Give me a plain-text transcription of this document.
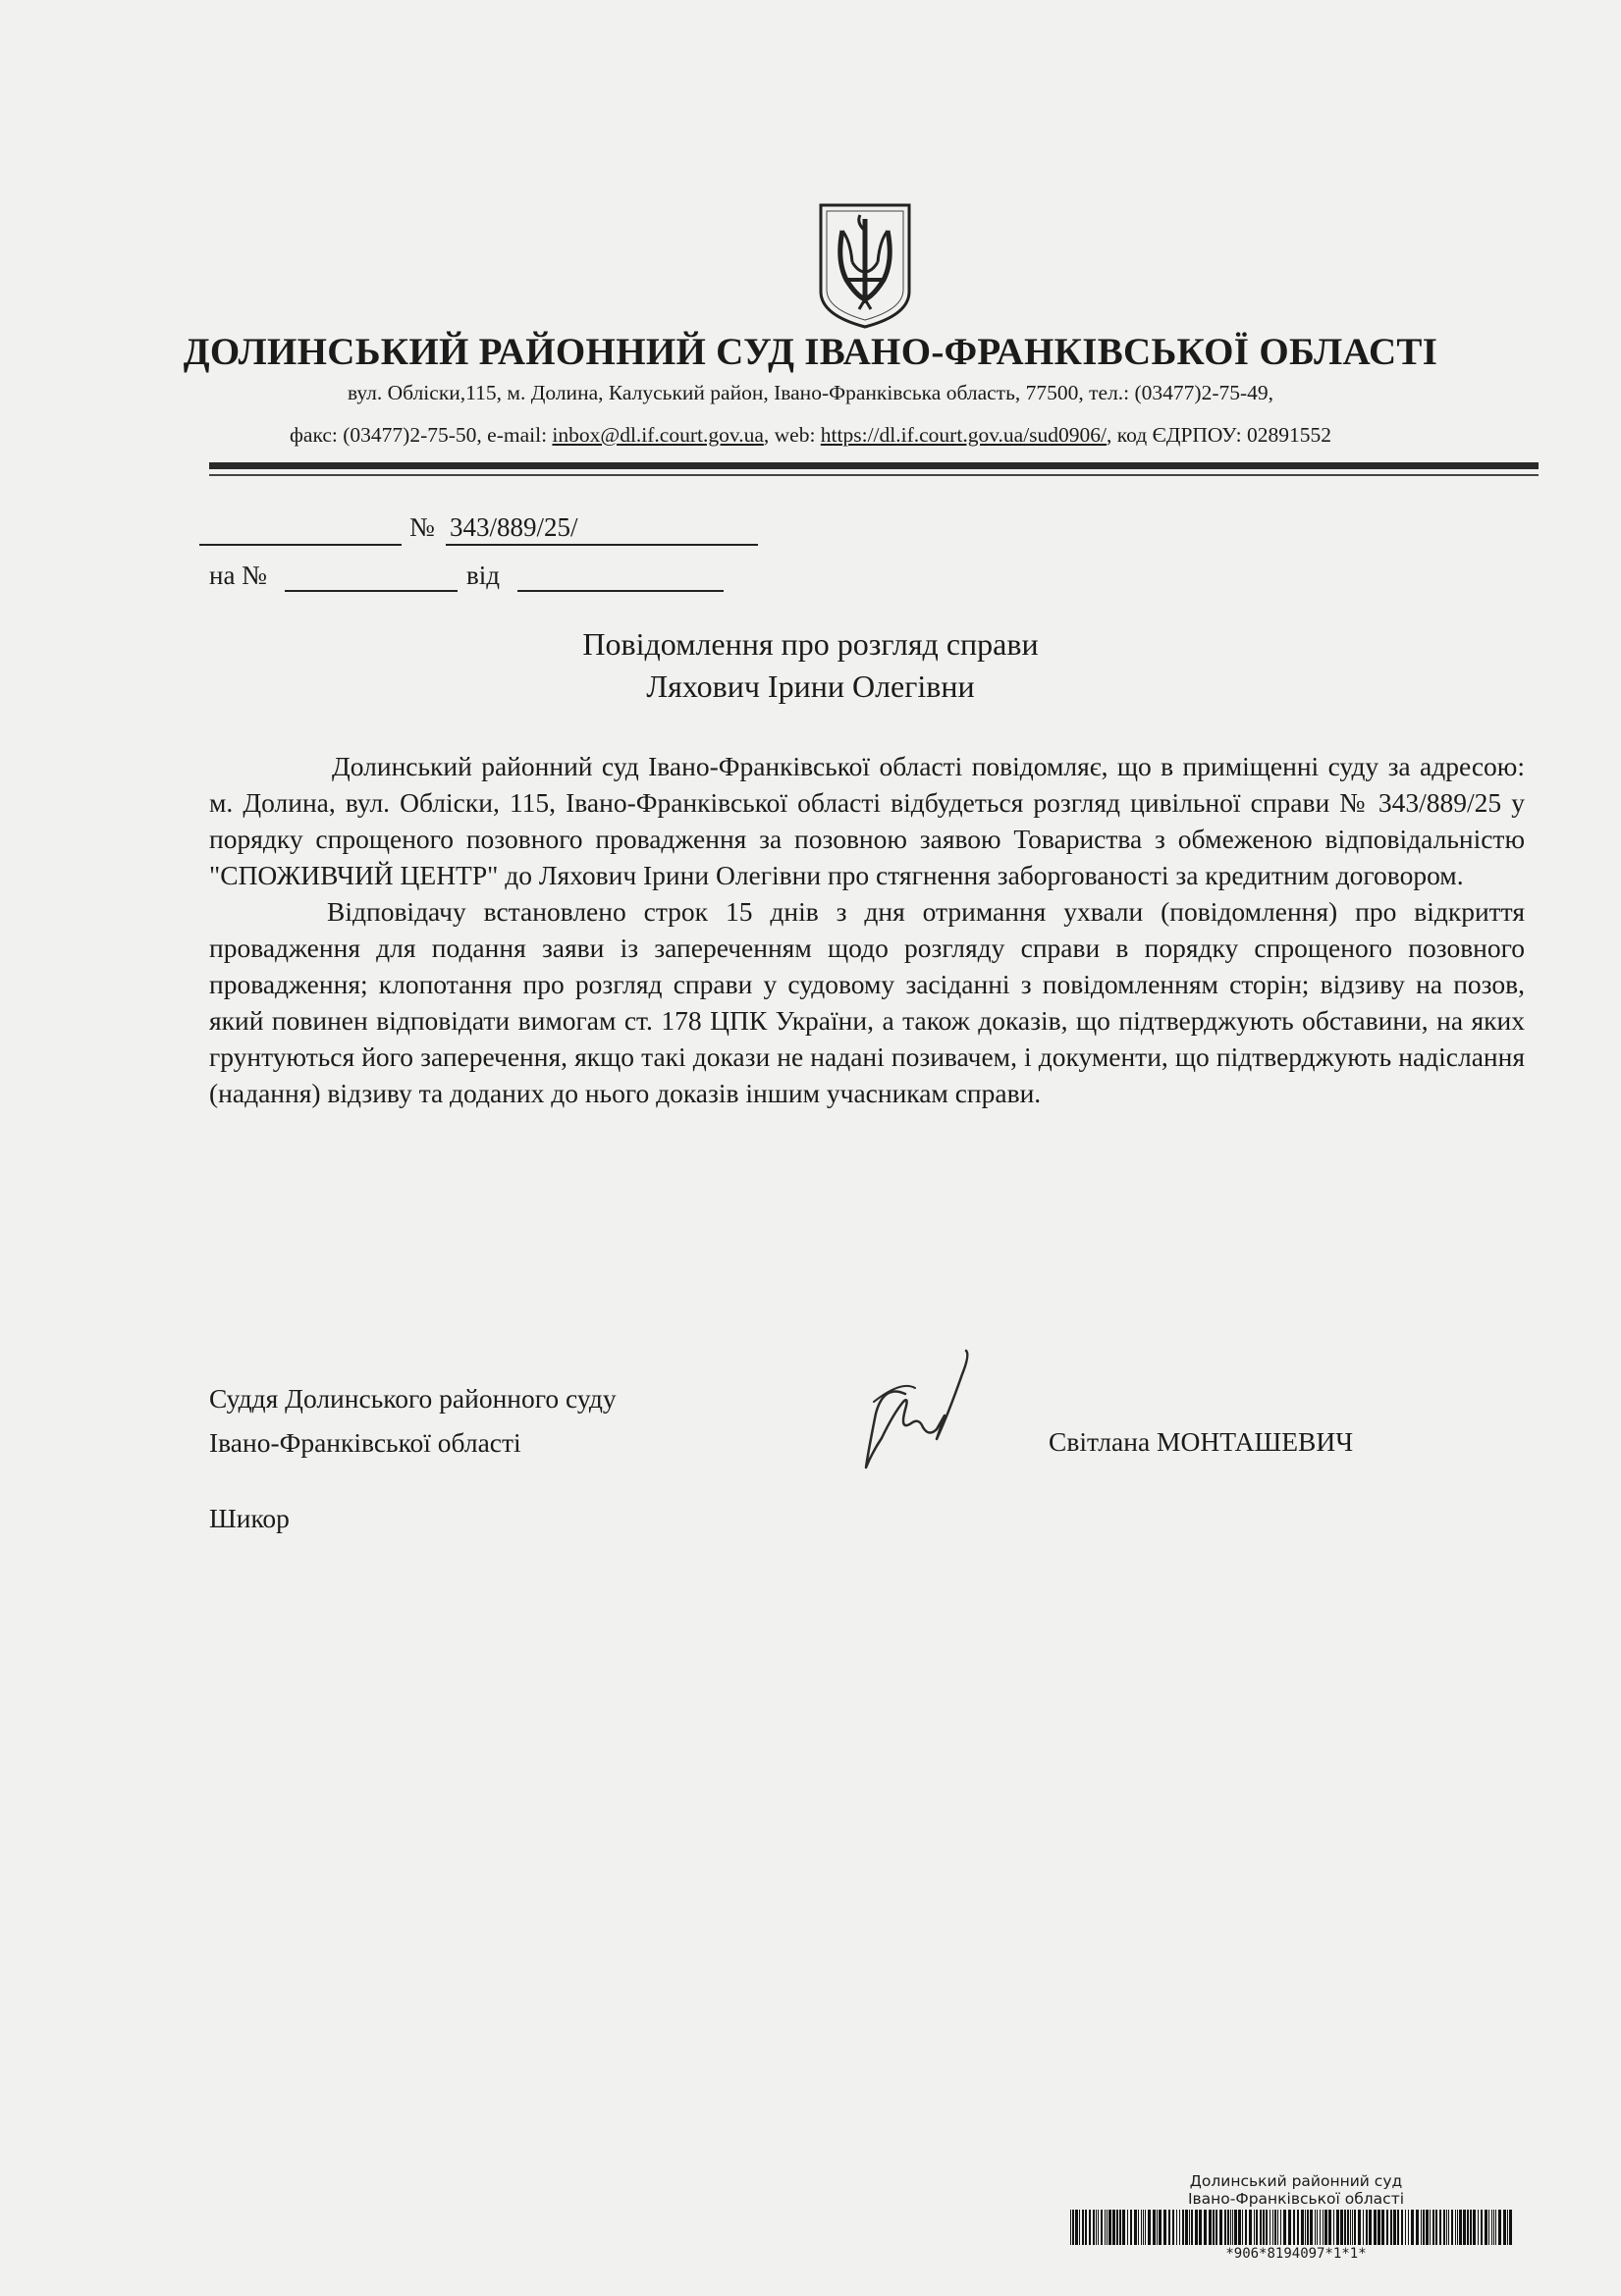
ДОЛИНСЬКИЙ РАЙОННИЙ СУД ІВАНО-ФРАНКІВСЬКОЇ ОБЛАСТІ
вул. Обліски,115, м. Долина, Калуський район, Івано-Франківська область, 77500, тел.: (03477)2-75-49,
факс: (03477)2-75-50, e-mail: inbox@dl.if.court.gov.ua, web: https://dl.if.court.gov.ua/sud0906/, код ЄДРПОУ: 02891552
№ 343/889/25/
на №	від
Повідомлення про розгляд справи
Ляхович Ірини Олегівни

Долинський районний суд Івано-Франківської області повідомляє, що в приміщенні суду за адресою: м. Долина, вул. Обліски, 115, Івано-Франківської області відбудеться розгляд цивільної справи № 343/889/25 у порядку спрощеного позовного провадження за позовною заявою Товариства з обмеженою відповідальністю "СПОЖИВЧИЙ ЦЕНТР" до Ляхович Ірини Олегівни про стягнення заборгованості за кредитним договором.

Відповідачу встановлено строк 15 днів з дня отримання ухвали (повідомлення) про відкриття провадження для подання заяви із запереченням щодо розгляду справи в порядку спрощеного позовного провадження; клопотання про розгляд справи у судовому засіданні з повідомленням сторін; відзиву на позов, який повинен відповідати вимогам ст. 178 ЦПК України, а також доказів, що підтверджують обставини, на яких грунтуються його заперечення, якщо такі докази не надані позивачем, і документи, що підтверджують надіслання (надання) відзиву та доданих до нього доказів іншим учасникам справи.

Суддя Долинського районного суду
Івано-Франківської області	Світлана МОНТАШЕВИЧ
Шикор
Долинський районний суд
Івано-Франківської області
*906*8194097*1*1*
